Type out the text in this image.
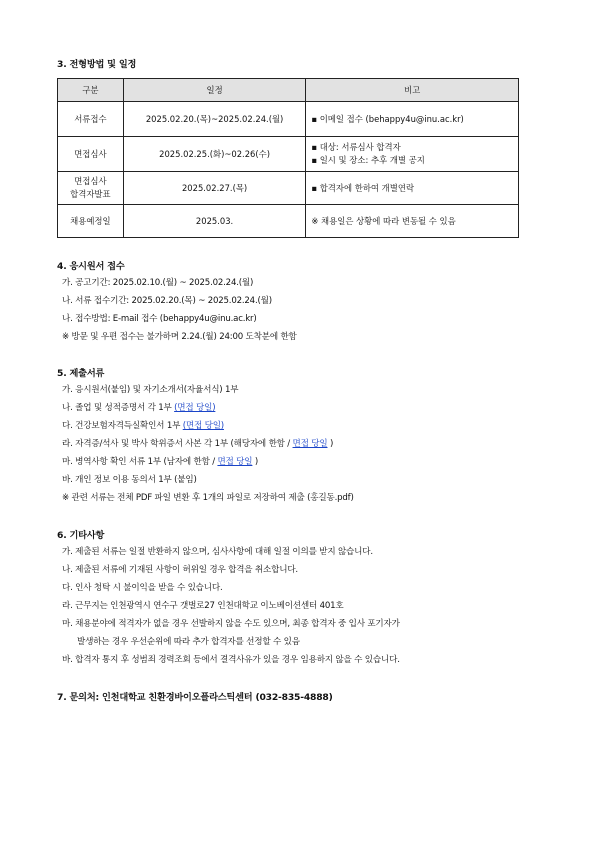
3. 전형방법 및 일정
구분	일정	비고
서류접수	2025.02.20.(목)~2025.02.24.(월)	▪ 이메일 접수 (behappy4u@inu.ac.kr)

면접심사	2025.02.25.(화)~02.26(수)	▪ 대상: 서류심사 합격자
▪ 일시 및 장소: 추후 개별 공지

면접심사
합격자발표	2025.02.27.(목)	▪ 합격자에 한하여 개별연락

채용예정일	2025.03.	※ 채용일은 상황에 따라 변동될 수 있음
4. 응시원서 접수
가. 공고기간: 2025.02.10.(월) ~ 2025.02.24.(월)
나. 서류 접수기간: 2025.02.20.(목) ~ 2025.02.24.(월)
나. 접수방법: E-mail 접수 (behappy4u@inu.ac.kr)
※ 방문 및 우편 접수는 불가하며 2.24.(월) 24:00 도착분에 한함
5. 제출서류
가. 응시원서(붙임) 및 자기소개서(자율서식) 1부
나. 졸업 및 성적증명서 각 1부 (면접 당일)
다. 건강보험자격득실확인서 1부 (면접 당일)
라. 자격증/석사 및 박사 학위증서 사본 각 1부 (해당자에 한함 / 면접 당일 )
마. 병역사항 확인 서류 1부 (남자에 한함 / 면접 당일 )
바. 개인 정보 이용 동의서 1부 (붙임)
※ 관련 서류는 전체 PDF 파일 변환 후 1개의 파일로 저장하여 제출 (홍길동.pdf)
6. 기타사항
가. 제출된 서류는 일절 반환하지 않으며, 심사사항에 대해 일절 이의를 받지 않습니다.
나. 제출된 서류에 기재된 사항이 허위일 경우 합격을 취소합니다.
다. 인사 청탁 시 불이익을 받을 수 있습니다.
라. 근무지는 인천광역시 연수구 갯벌로27 인천대학교 이노베이션센터 401호
마. 채용분야에 적격자가 없을 경우 선발하지 않을 수도 있으며, 최종 합격자 중 입사 포기자가
발생하는 경우 우선순위에 따라 추가 합격자를 선정할 수 있음
바. 합격자 통지 후 성범죄 경력조회 등에서 결격사유가 있을 경우 임용하지 않을 수 있습니다.
7. 문의처: 인천대학교 친환경바이오플라스틱센터 (032-835-4888)
